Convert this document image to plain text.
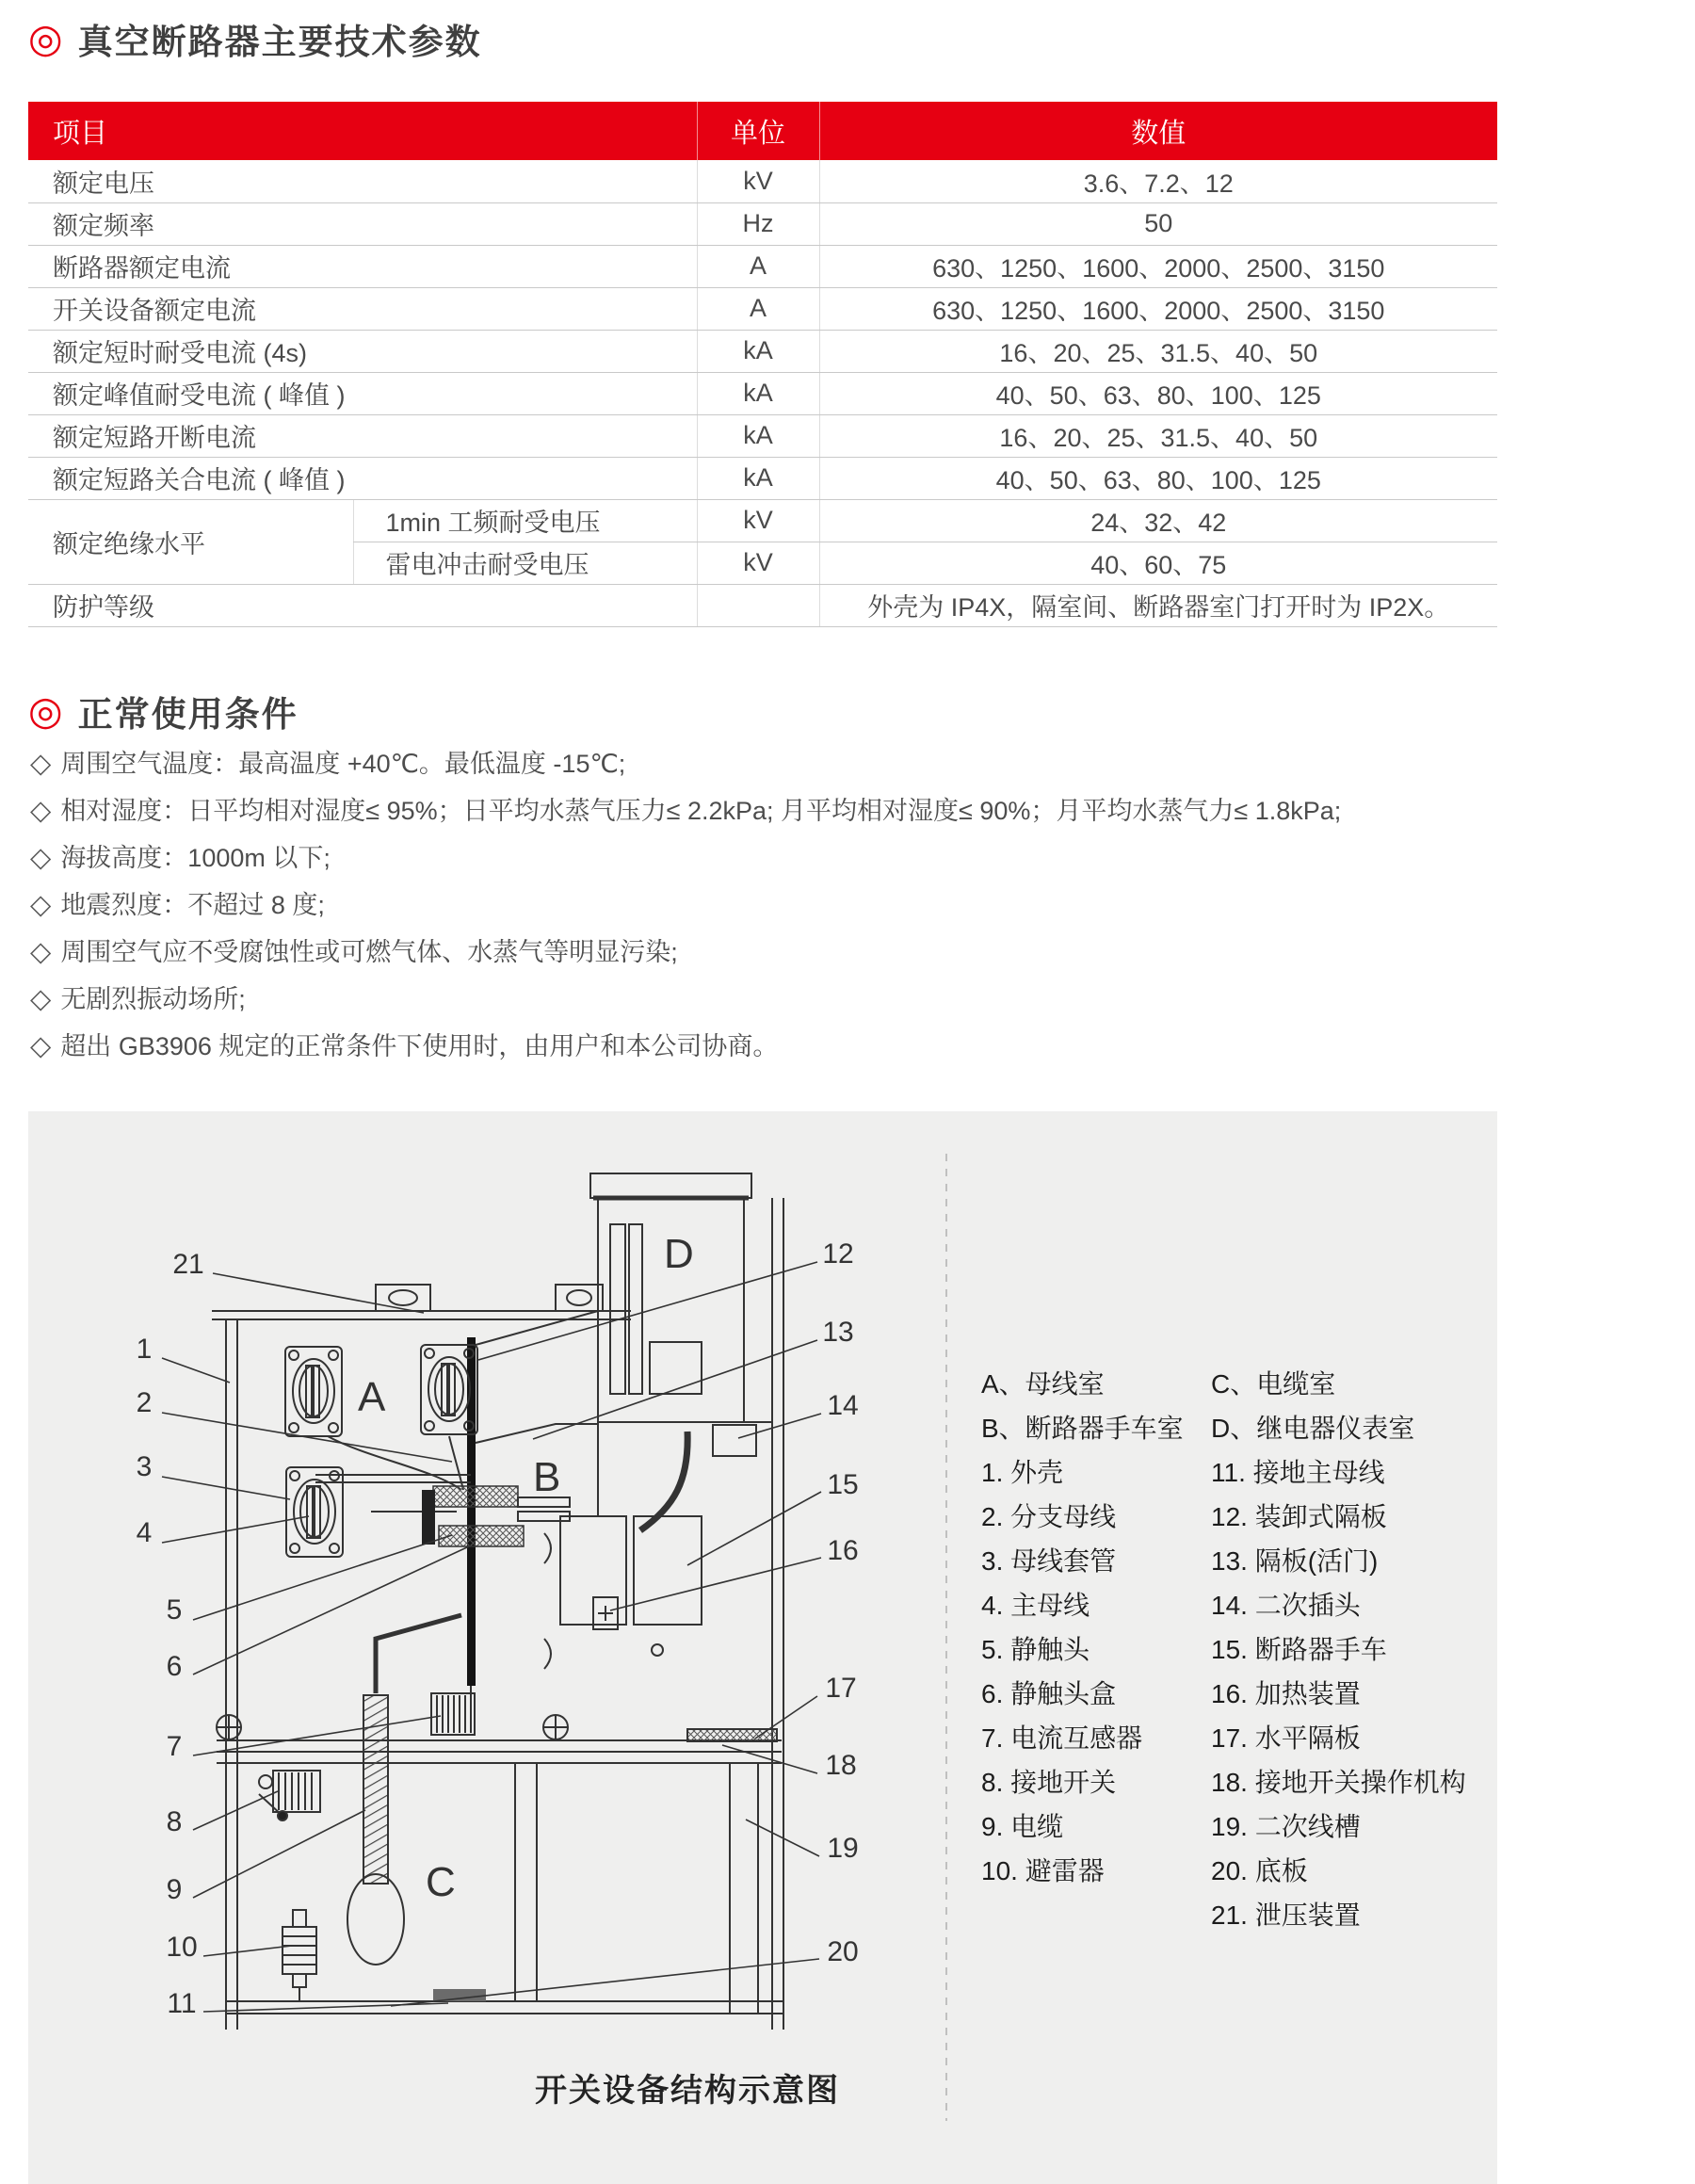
◎ 真空断路器主要技术参数
项目		单位	数值
额定电压		kV	3.6、7.2、12
额定频率		Hz	50
断路器额定电流		A	630、1250、1600、2000、2500、3150
开关设备额定电流		A	630、1250、1600、2000、2500、3150
额定短时耐受电流 (4s)		kA	16、20、25、31.5、40、50
额定峰值耐受电流 ( 峰值 )		kA	40、50、63、80、100、125
额定短路开断电流		kA	16、20、25、31.5、40、50
额定短路关合电流 ( 峰值 )		kA	40、50、63、80、100、125
额定绝缘水平	1min 工频耐受电压	kV	24、32、42
	雷电冲击耐受电压	kV	40、60、75
防护等级			外壳为 IP4X，隔室间、断路器室门打开时为 IP2X。
◎ 正常使用条件
◇ 周围空气温度：最高温度 +40℃。最低温度 -15℃;
◇ 相对湿度：日平均相对湿度≤ 95%；日平均水蒸气压力≤ 2.2kPa; 月平均相对湿度≤ 90%；月平均水蒸气力≤ 1.8kPa;
◇ 海拔高度：1000m 以下;
◇ 地震烈度：不超过 8 度;
◇ 周围空气应不受腐蚀性或可燃气体、水蒸气等明显污染;
◇ 无剧烈振动场所;
◇ 超出 GB3906 规定的正常条件下使用时，由用户和本公司协商。
A
B
C
D
21
1
2
3
4
5
6
7
8
9
10
11
12
13
14
15
16
17
18
19
20
A、母线室
B、断路器手车室
1. 外壳
2. 分支母线
3. 母线套管
4. 主母线
5. 静触头
6. 静触头盒
7. 电流互感器
8. 接地开关
9. 电缆
10. 避雷器
C、电缆室
D、继电器仪表室
11. 接地主母线
12. 装卸式隔板
13. 隔板(活门)
14. 二次插头
15. 断路器手车
16. 加热装置
17. 水平隔板
18. 接地开关操作机构
19. 二次线槽
20. 底板
21. 泄压装置
开关设备结构示意图
